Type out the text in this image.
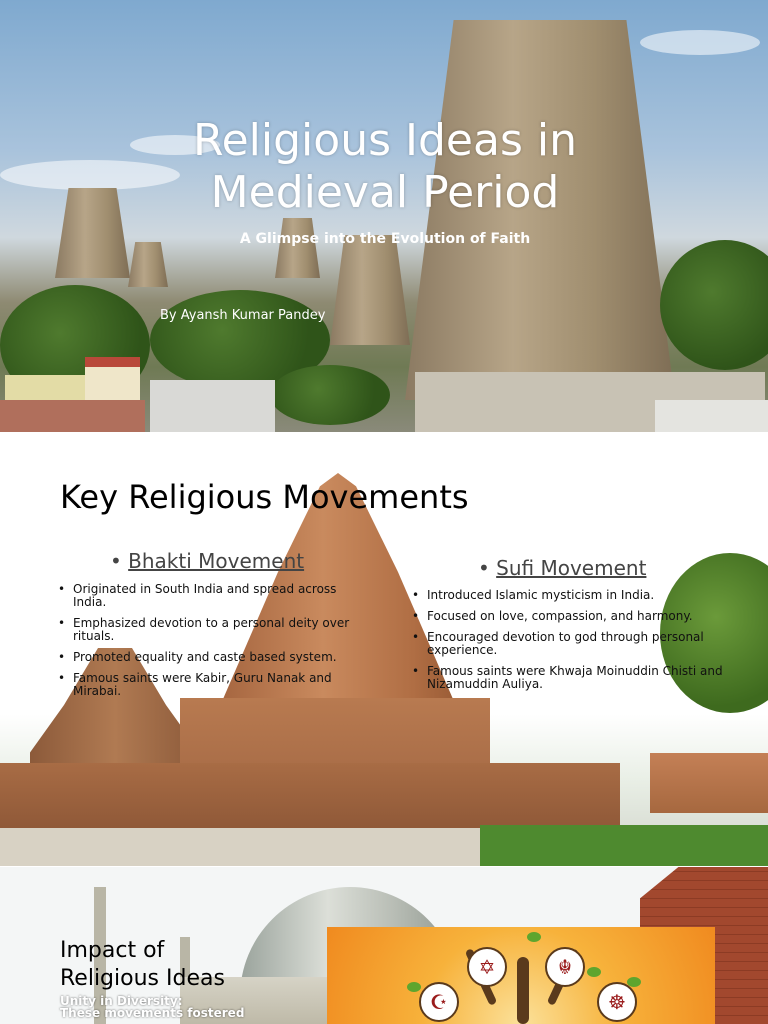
Religious Ideas in
Medieval Period
A Glimpse into the Evolution of Faith
By Ayansh Kumar Pandey
Key Religious Movements
• Bhakti Movement
• Originated in South India and spread across India.
• Emphasized devotion to a personal deity over rituals.
• Promoted equality and caste based system.
• Famous saints were Kabir, Guru Nanak and Mirabai.
• Sufi Movement
• Introduced Islamic mysticism in India.
• Focused on love, compassion, and harmony.
• Encouraged devotion to god through personal experience.
• Famous saints were Khwaja Moinuddin Chisti and Nizamuddin Auliya.
✡	☬
☪	☸
Impact of
Religious Ideas
Unity in Diversity:
These movements fostered
